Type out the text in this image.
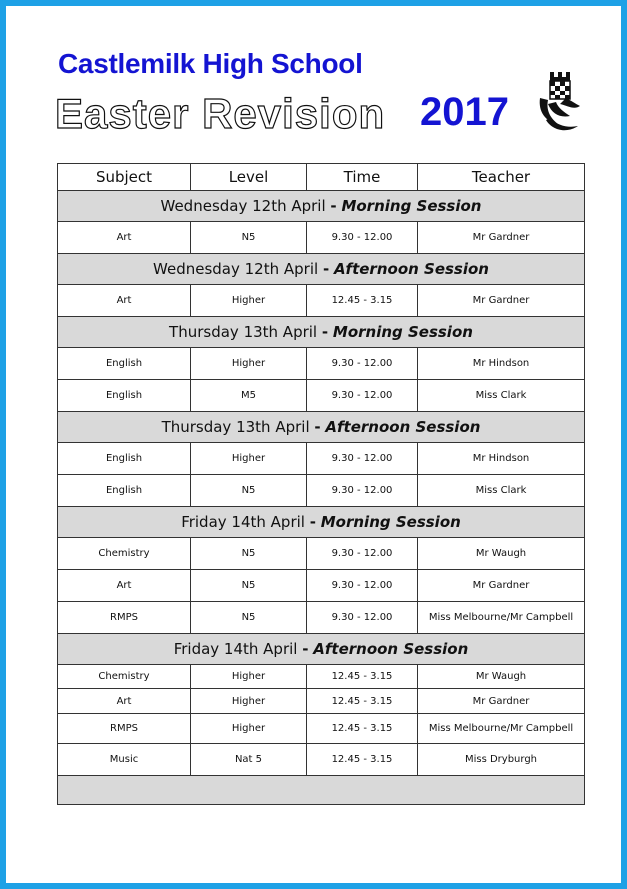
Castlemilk High School
Easter Revision 2017
Subject	Level	Time	Teacher
Wednesday 12th April - Morning Session			
Art	N5	9.30 - 12.00	Mr Gardner
Wednesday 12th April - Afternoon Session			
Art	Higher	12.45 - 3.15	Mr Gardner
Thursday 13th April - Morning Session			
English	Higher	9.30 - 12.00	Mr Hindson
English	M5	9.30 - 12.00	Miss Clark
Thursday 13th April - Afternoon Session			
English	Higher	9.30 - 12.00	Mr Hindson
English	N5	9.30 - 12.00	Miss Clark
Friday 14th April - Morning Session			
Chemistry	N5	9.30 - 12.00	Mr Waugh
Art	N5	9.30 - 12.00	Mr Gardner
RMPS	N5	9.30 - 12.00	Miss Melbourne/Mr Campbell
Friday 14th April - Afternoon Session			
Chemistry	Higher	12.45 - 3.15	Mr Waugh
Art	Higher	12.45 - 3.15	Mr Gardner
RMPS	Higher	12.45 - 3.15	Miss Melbourne/Mr Campbell
Music	Nat 5	12.45 - 3.15	Miss Dryburgh
